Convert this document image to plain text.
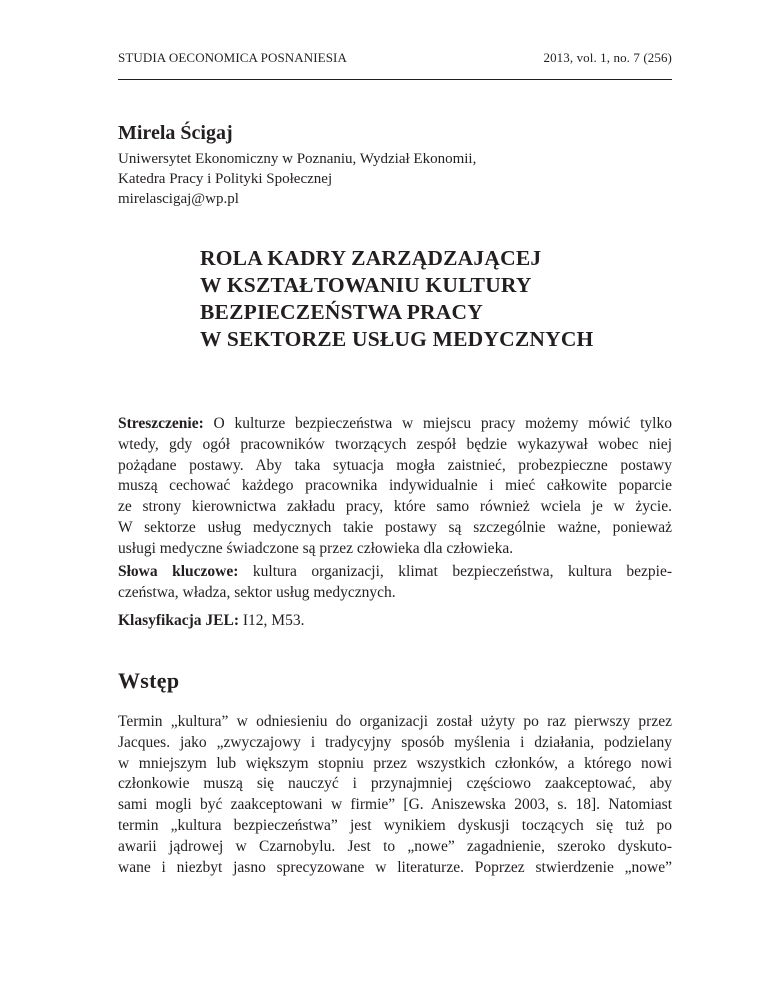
STUDIA OECONOMICA POSNANIESIA	2013, vol. 1, no. 7 (256)
Mirela Ścigaj
Uniwersytet Ekonomiczny w Poznaniu, Wydział Ekonomii,
Katedra Pracy i Polityki Społecznej
mirelascigaj@wp.pl
ROLA KADRY ZARZĄDZAJĄCEJ
W KSZTAŁTOWANIU KULTURY
BEZPIECZEŃSTWA PRACY
W SEKTORZE USŁUG MEDYCZNYCH
Streszczenie: O kulturze bezpieczeństwa w miejscu pracy możemy mówić tylko
wtedy, gdy ogół pracowników tworzących zespół będzie wykazywał wobec niej
pożądane postawy. Aby taka sytuacja mogła zaistnieć, probezpieczne postawy
muszą cechować każdego pracownika indywidualnie i mieć całkowite poparcie
ze strony kierownictwa zakładu pracy, które samo również wciela je w życie.
W sektorze usług medycznych takie postawy są szczególnie ważne, ponieważ
usługi medyczne świadczone są przez człowieka dla człowieka.
Słowa kluczowe: kultura organizacji, klimat bezpieczeństwa, kultura bezpie-
czeństwa, władza, sektor usług medycznych.
Klasyfikacja JEL: I12, M53.
Wstęp
Termin „kultura” w odniesieniu do organizacji został użyty po raz pierwszy przez
Jacques. jako „zwyczajowy i tradycyjny sposób myślenia i działania, podzielany
w mniejszym lub większym stopniu przez wszystkich członków, a którego nowi
członkowie muszą się nauczyć i przynajmniej częściowo zaakceptować, aby
sami mogli być zaakceptowani w firmie” [G. Aniszewska 2003, s. 18]. Natomiast
termin „kultura bezpieczeństwa” jest wynikiem dyskusji toczących się tuż po
awarii jądrowej w Czarnobylu. Jest to „nowe” zagadnienie, szeroko dyskuto-
wane i niezbyt jasno sprecyzowane w literaturze. Poprzez stwierdzenie „nowe”
